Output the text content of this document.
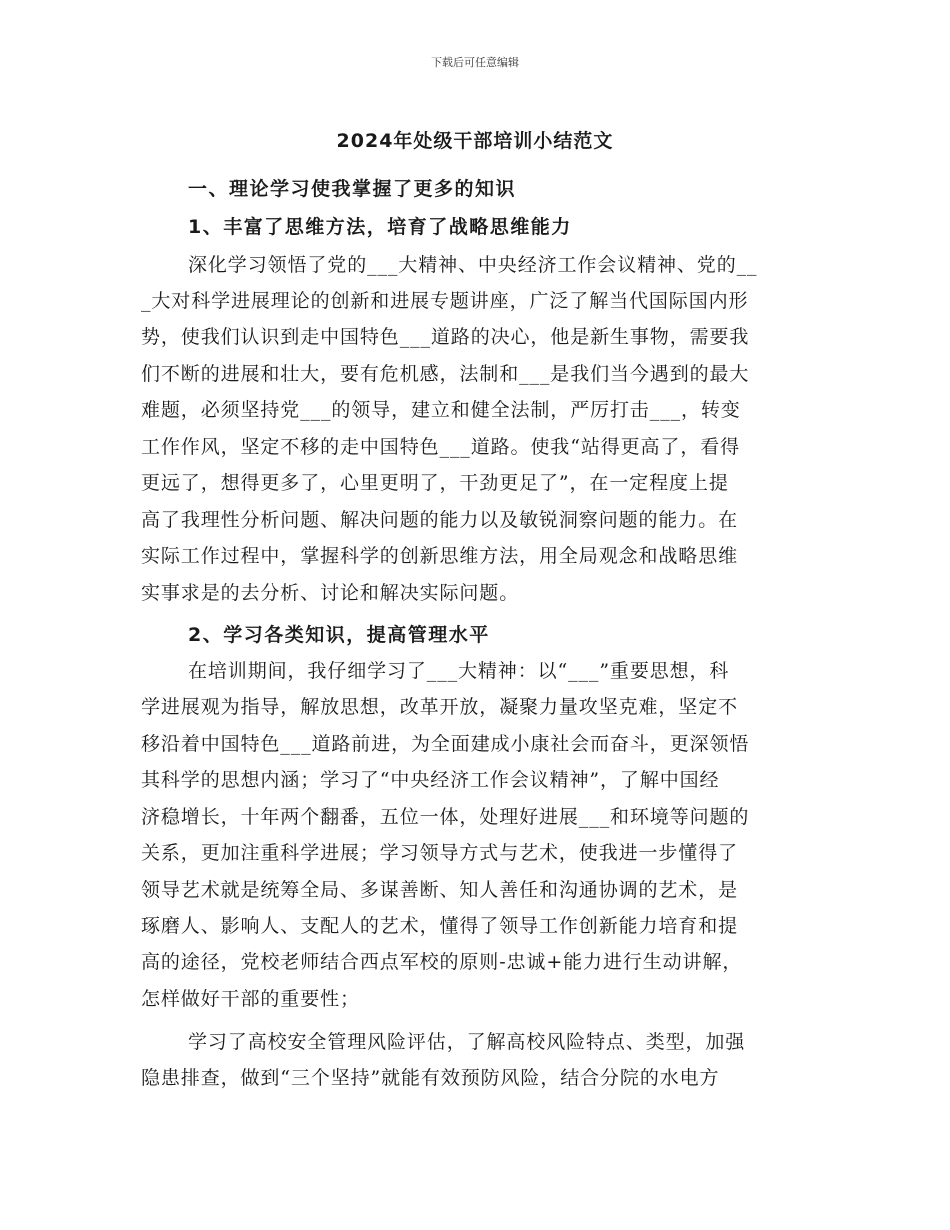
下载后可任意编辑
2024年处级干部培训小结范文
一、理论学习使我掌握了更多的知识
1、丰富了思维方法，培育了战略思维能力
深化学习领悟了党的___大精神、中央经济工作会议精神、党的__
_大对科学进展理论的创新和进展专题讲座，广泛了解当代国际国内形
势，使我们认识到走中国特色___道路的决心，他是新生事物，需要我
们不断的进展和壮大，要有危机感，法制和___是我们当今遇到的最大
难题，必须坚持党___的领导，建立和健全法制，严厉打击___，转变
工作作风，坚定不移的走中国特色___道路。使我“站得更高了，看得
更远了，想得更多了，心里更明了，干劲更足了”，在一定程度上提
高了我理性分析问题、解决问题的能力以及敏锐洞察问题的能力。在
实际工作过程中，掌握科学的创新思维方法，用全局观念和战略思维
实事求是的去分析、讨论和解决实际问题。
2、学习各类知识，提高管理水平
在培训期间，我仔细学习了___大精神：以“___”重要思想，科
学进展观为指导，解放思想，改革开放，凝聚力量攻坚克难，坚定不
移沿着中国特色___道路前进，为全面建成小康社会而奋斗，更深领悟
其科学的思想内涵；学习了“中央经济工作会议精神”，了解中国经
济稳增长，十年两个翻番，五位一体，处理好进展___和环境等问题的
关系，更加注重科学进展；学习领导方式与艺术，使我进一步懂得了
领导艺术就是统筹全局、多谋善断、知人善任和沟通协调的艺术，是
琢磨人、影响人、支配人的艺术，懂得了领导工作创新能力培育和提
高的途径，党校老师结合西点军校的原则-忠诚+能力进行生动讲解，
怎样做好干部的重要性；
学习了高校安全管理风险评估，了解高校风险特点、类型，加强
隐患排查，做到“三个坚持”就能有效预防风险，结合分院的水电方
